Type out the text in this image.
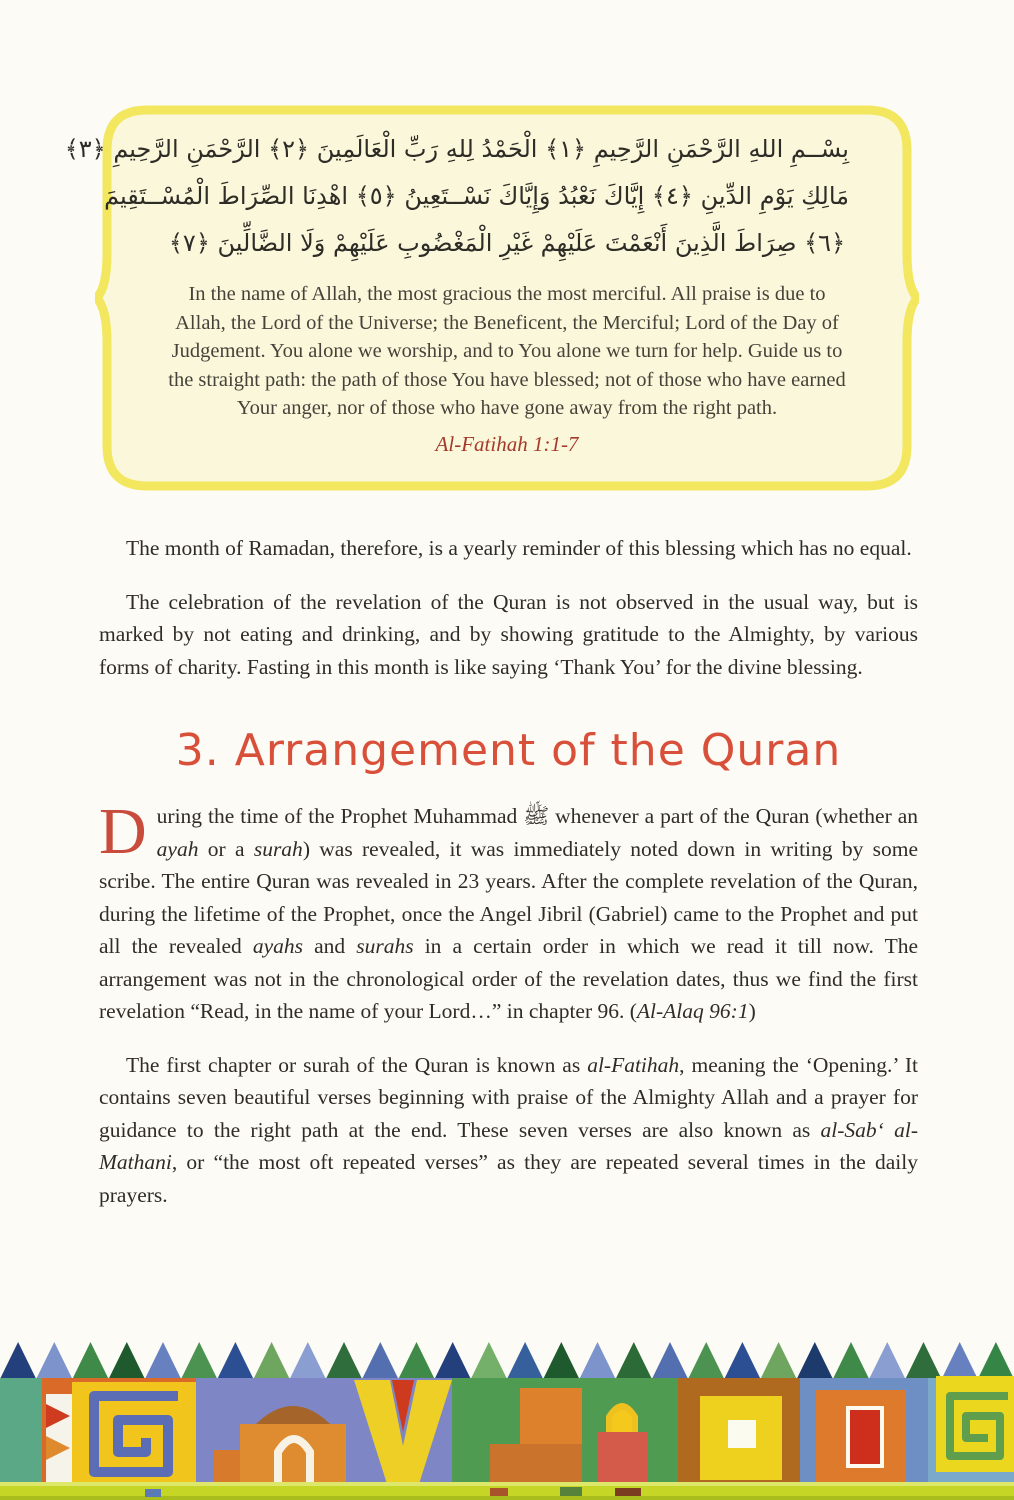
بِسْــمِ اللهِ الرَّحْمَنِ الرَّحِيمِ ﴿١﴾ الْحَمْدُ لِلهِ رَبِّ الْعَالَمِينَ ﴿٢﴾ الرَّحْمَنِ الرَّحِيمِ ﴿٣﴾
مَالِكِ يَوْمِ الدِّينِ ﴿٤﴾ إِيَّاكَ نَعْبُدُ وَإِيَّاكَ نَسْــتَعِينُ ﴿٥﴾ اهْدِنَا الصِّرَاطَ الْمُسْــتَقِيمَ
﴿٦﴾ صِرَاطَ الَّذِينَ أَنْعَمْتَ عَلَيْهِمْ غَيْرِ الْمَغْضُوبِ عَلَيْهِمْ وَلَا الضَّالِّينَ ﴿٧﴾
In the name of Allah, the most gracious the most merciful. All praise is due to Allah, the Lord of the Universe; the Beneficent, the Merciful; Lord of the Day of Judgement. You alone we worship, and to You alone we turn for help. Guide us to the straight path: the path of those You have blessed; not of those who have earned Your anger, nor of those who have gone away from the right path.
Al-Fatihah 1:1-7

The month of Ramadan, therefore, is a yearly reminder of this blessing which has no equal.

The celebration of the revelation of the Quran is not observed in the usual way, but is marked by not eating and drinking, and by showing gratitude to the Almighty, by various forms of charity. Fasting in this month is like saying ‘Thank You’ for the divine blessing.

3. Arrangement of the Quran

During the time of the Prophet Muhammad ﷺ whenever a part of the Quran (whether an ayah or a surah) was revealed, it was immediately noted down in writing by some scribe. The entire Quran was revealed in 23 years. After the complete revelation of the Quran, during the lifetime of the Prophet, once the Angel Jibril (Gabriel) came to the Prophet and put all the revealed ayahs and surahs in a certain order in which we read it till now. The arrangement was not in the chronological order of the revelation dates, thus we find the first revelation “Read, in the name of your Lord…” in chapter 96. (Al-Alaq 96:1)

The first chapter or surah of the Quran is known as al-Fatihah, meaning the ‘Opening.’ It contains seven beautiful verses beginning with praise of the Almighty Allah and a prayer for guidance to the right path at the end. These seven verses are also known as al-Sab‘ al- Mathani, or “the most oft repeated verses” as they are repeated several times in the daily prayers.
